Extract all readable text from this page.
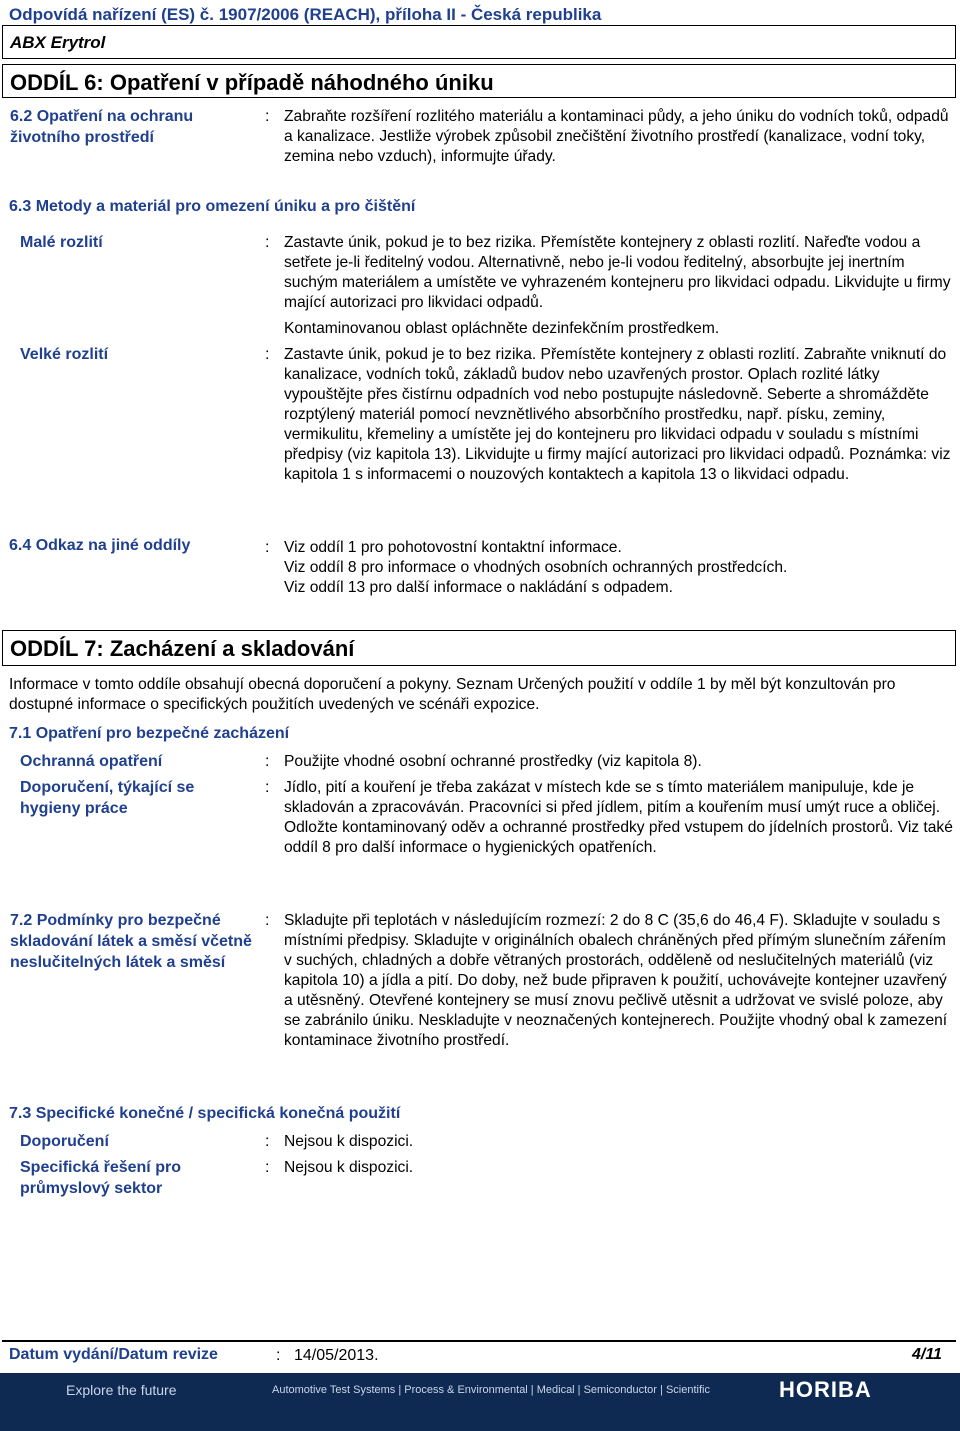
Odpovídá nařízení (ES) č. 1907/2006 (REACH), příloha II - Česká republika
ABX Erytrol
ODDÍL 6: Opatření v případě náhodného úniku
6.2 Opatření na ochranu životního prostředí
: Zabraňte rozšíření rozlitého materiálu a kontaminaci půdy, a jeho úniku do vodních toků, odpadů a kanalizace. Jestliže výrobek způsobil znečištění životního prostředí (kanalizace, vodní toky, zemina nebo vzduch), informujte úřady.
6.3 Metody a materiál pro omezení úniku a pro čištění
Malé rozlití	: Zastavte únik, pokud je to bez rizika. Přemístěte kontejnery z oblasti rozlití. Nařeďte vodou a setřete je-li ředitelný vodou. Alternativně, nebo je-li vodou ředitelný, absorbujte jej inertním suchým materiálem a umístěte ve vyhrazeném kontejneru pro likvidaci odpadu. Likvidujte u firmy mající autorizaci pro likvidaci odpadů.
Kontaminovanou oblast opláchněte dezinfekčním prostředkem.
Velké rozlití	: Zastavte únik, pokud je to bez rizika. Přemístěte kontejnery z oblasti rozlití. Zabraňte vniknutí do kanalizace, vodních toků, základů budov nebo uzavřených prostor. Oplach rozlité látky vypouštějte přes čistírnu odpadních vod nebo postupujte následovně. Seberte a shromážděte rozptýlený materiál pomocí nevznětlivého absorbčního prostředku, např. písku, zeminy, vermikulitu, křemeliny a umístěte jej do kontejneru pro likvidaci odpadu v souladu s místními předpisy (viz kapitola 13). Likvidujte u firmy mající autorizaci pro likvidaci odpadů. Poznámka: viz kapitola 1 s informacemi o nouzových kontaktech a kapitola 13 o likvidaci odpadu.
6.4 Odkaz na jiné oddíly	: Viz oddíl 1 pro pohotovostní kontaktní informace.

Viz oddíl 8 pro informace o vhodných osobních ochranných prostředcích.

Viz oddíl 13 pro další informace o nakládání s odpadem.

ODDÍL 7: Zacházení a skladování
Informace v tomto oddíle obsahují obecná doporučení a pokyny. Seznam Určených použití v oddíle 1 by měl být konzultován pro dostupné informace o specifických použitích uvedených ve scénáři expozice.
7.1 Opatření pro bezpečné zacházení
Ochranná opatření	: Použijte vhodné osobní ochranné prostředky (viz kapitola 8).
Doporučení, týkající se hygieny práce
: Jídlo, pití a kouření je třeba zakázat v místech kde se s tímto materiálem manipuluje, kde je skladován a zpracováván. Pracovníci si před jídlem, pitím a kouřením musí umýt ruce a obličej. Odložte kontaminovaný oděv a ochranné prostředky před vstupem do jídelních prostorů. Viz také oddíl 8 pro další informace o hygienických opatřeních.
7.2 Podmínky pro bezpečné skladování látek a směsí včetně neslučitelných látek a směsí
: Skladujte při teplotách v následujícím rozmezí: 2 do 8 C (35,6 do 46,4 F). Skladujte v souladu s místními předpisy. Skladujte v originálních obalech chráněných před přímým slunečním zářením v suchých, chladných a dobře větraných prostorách, odděleně od neslučitelných materiálů (viz kapitola 10) a jídla a pití. Do doby, než bude připraven k použití, uchovávejte kontejner uzavřený a utěsněný. Otevřené kontejnery se musí znovu pečlivě utěsnit a udržovat ve svislé poloze, aby se zabránilo úniku. Neskladujte v neoznačených kontejnerech. Použijte vhodný obal k zamezení kontaminace životního prostředí.
7.3 Specifické konečné / specifická konečná použití
Doporučení	: Nejsou k dispozici.
Specifická řešení pro průmyslový sektor
: Nejsou k dispozici.
Datum vydání/Datum revize	: 14/05/2013.	4/11
Explore the future	Automotive Test Systems | Process & Environmental | Medical | Semiconductor | Scientific	HORIBA
